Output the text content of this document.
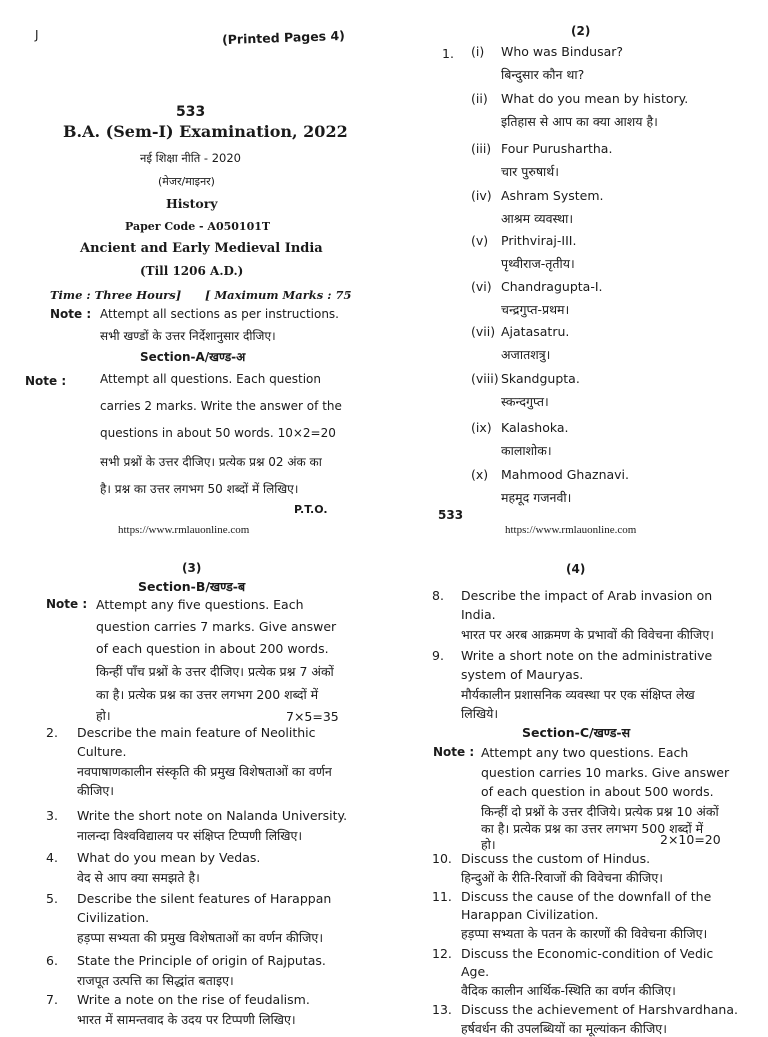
J	(Printed Pages 4)
533
B.A. (Sem-I) Examination, 2022
नई शिक्षा नीति - 2020
(मेजर/माइनर)
History
Paper Code - A050101T
Ancient and Early Medieval India
(Till 1206 A.D.)
Time : Three Hours] [ Maximum Marks : 75
Note : Attempt all sections as per instructions.
सभी खण्डों के उत्तर निर्देशानुसार दीजिए।
Section-A/खण्ड-अ
Note :	Attempt all questions. Each question
carries 2 marks. Write the answer of the
questions in about 50 words. 10×2=20
सभी प्रश्नों के उत्तर दीजिए। प्रत्येक प्रश्न 02 अंक का
है। प्रश्न का उत्तर लगभग 50 शब्दों में लिखिए।
P.T.O.
https://www.rmlauonline.com
(2)
1. (i) Who was Bindusar?
बिन्दुसार कौन था?
(ii) What do you mean by history.
इतिहास से आप का क्या आशय है।
(iii) Four Purushartha.
चार पुरुषार्थ।
(iv) Ashram System.
आश्रम व्यवस्था।
(v) Prithviraj-III.
पृथ्वीराज-तृतीय।
(vi) Chandragupta-I.
चन्द्रगुप्त-प्रथम।
(vii) Ajatasatru.
अजातशत्रु।
(viii) Skandgupta.
स्कन्दगुप्त।
(ix) Kalashoka.
कालाशोक।
(x) Mahmood Ghaznavi.
महमूद गजनवी।
533
https://www.rmlauonline.com
(3)
Section-B/खण्ड-ब
Note : Attempt any five questions. Each
question carries 7 marks. Give answer
of each question in about 200 words.
किन्हीं पाँच प्रश्नों के उत्तर दीजिए। प्रत्येक प्रश्न 7 अंकों
का है। प्रत्येक प्रश्न का उत्तर लगभग 200 शब्दों में
हो।	7×5=35
2. Describe the main feature of Neolithic
Culture.
नवपाषाणकालीन संस्कृति की प्रमुख विशेषताओं का वर्णन
कीजिए।
3. Write the short note on Nalanda University.
नालन्दा विश्वविद्यालय पर संक्षिप्त टिप्पणी लिखिए।
4. What do you mean by Vedas.
वेद से आप क्या समझते है।
5. Describe the silent features of Harappan
Civilization.
हड़प्पा सभ्यता की प्रमुख विशेषताओं का वर्णन कीजिए।
6. State the Principle of origin of Rajputas.
राजपूत उत्पत्ति का सिद्धांत बताइए।
7. Write a note on the rise of feudalism.
भारत में सामन्तवाद के उदय पर टिप्पणी लिखिए।
(4)
8. Describe the impact of Arab invasion on
India.
भारत पर अरब आक्रमण के प्रभावों की विवेचना कीजिए।
9. Write a short note on the administrative
system of Mauryas.
मौर्यकालीन प्रशासनिक व्यवस्था पर एक संक्षिप्त लेख
लिखिये।
Section-C/खण्ड-स
Note : Attempt any two questions. Each
question carries 10 marks. Give answer
of each question in about 500 words.
किन्हीं दो प्रश्नों के उत्तर दीजिये। प्रत्येक प्रश्न 10 अंकों
का है। प्रत्येक प्रश्न का उत्तर लगभग 500 शब्दों में
हो।	2×10=20
10. Discuss the custom of Hindus.
हिन्दुओं के रीति-रिवाजों की विवेचना कीजिए।
11. Discuss the cause of the downfall of the
Harappan Civilization.
हड़प्पा सभ्यता के पतन के कारणों की विवेचना कीजिए।
12. Discuss the Economic-condition of Vedic
Age.
वैदिक कालीन आर्थिक-स्थिति का वर्णन कीजिए।
13. Discuss the achievement of Harshvardhana.
हर्षवर्धन की उपलब्धियों का मूल्यांकन कीजिए।
